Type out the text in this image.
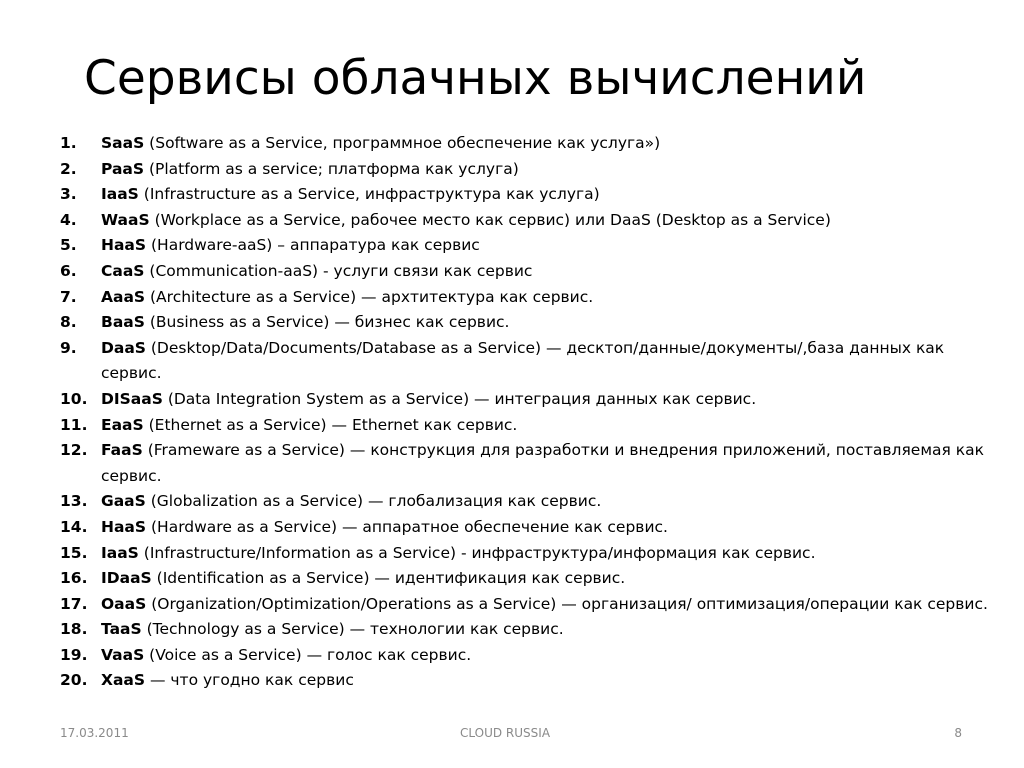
Сервисы облачных вычислений
1.	SaaS (Software as a Service, программное обеспечение как услуга»)
2.	PaaS (Platform as a service; платформа как услуга)
3.	IaaS (Infrastructure as a Service, инфраструктура как услуга)
4.	WaaS (Workplace as a Service, рабочее место как сервис) или DaaS (Desktop as a Service)
5.	HaaS (Hardware-aaS) – аппаратура как сервис
6.	CaaS (Communication-aaS) - услуги связи как сервис
7.	AaaS (Architecture as a Service) — архтитектура как сервис.
8.	BaaS (Business as a Service) — бизнес как сервис.
9.	DaaS (Desktop/Data/Documents/Database as a Service) — десктоп/данные/документы/,база данных как сервис.
10. DISaaS (Data Integration System as a Service) — интеграция данных как сервис.
11. EaaS (Ethernet as a Service) — Ethernet как сервис.
12. FaaS (Frameware as a Service) — конструкция для разработки и внедрения приложений, поставляемая как сервис.
13. GaaS (Globalization as a Service) — глобализация как сервис.
14. HaaS (Hardware as a Service) — аппаратное обеспечение как сервис.
15. IaaS (Infrastructure/Information as a Service) - инфраструктура/информация как сервис.
16. IDaaS (Identification as a Service) — идентификация как сервис.
17. OaaS (Organization/Optimization/Operations as a Service) — организация/ оптимизация/операции как сервис.
18. TaaS (Technology as a Service) — технологии как сервис.
19. VaaS (Voice as a Service) — голос как сервис.
20. XaaS — что угодно как сервис
17.03.2011	CLOUD RUSSIA	8
